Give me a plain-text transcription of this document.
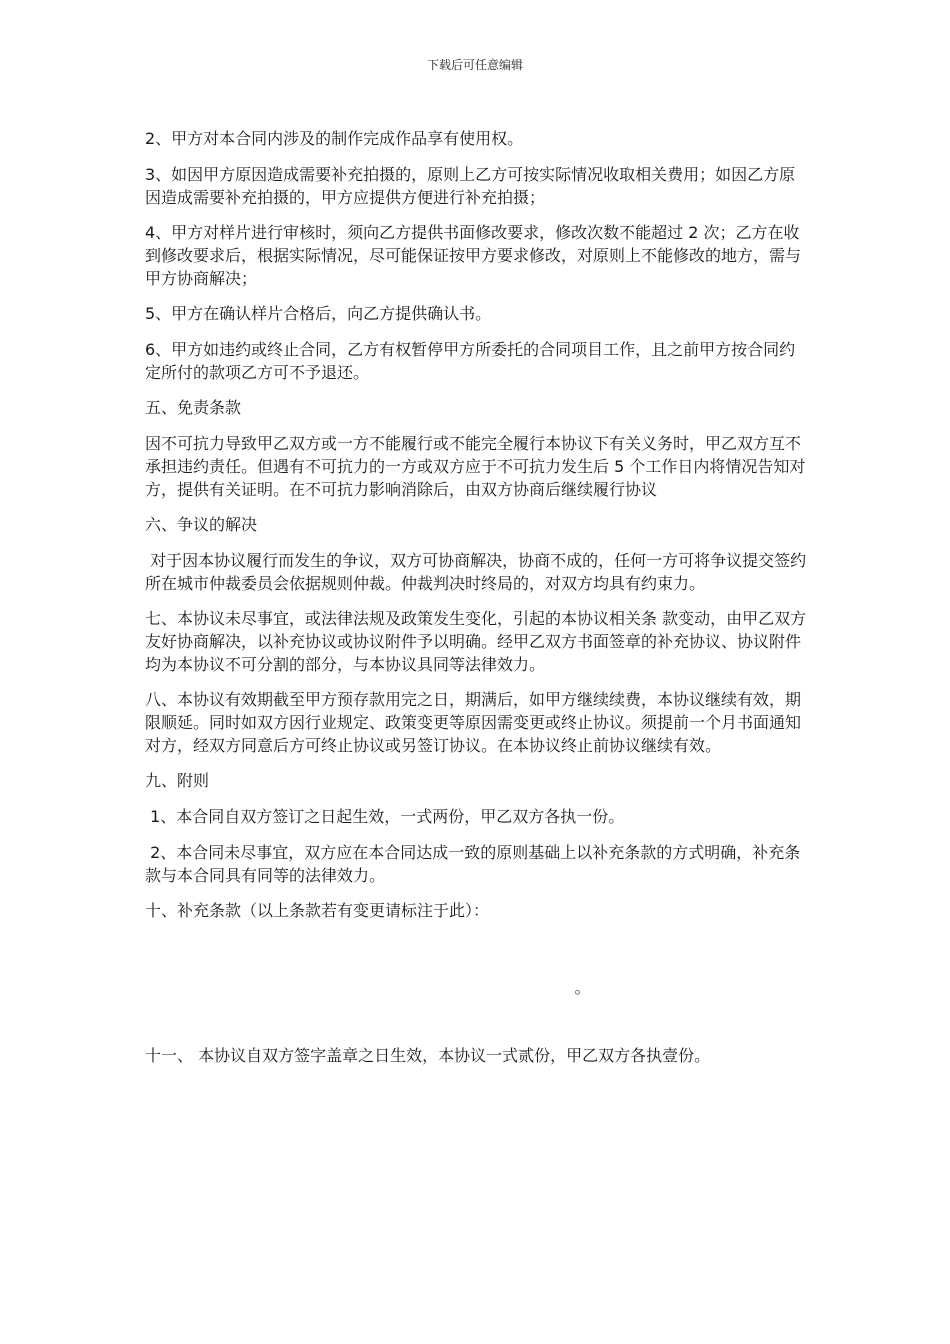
下载后可任意编辑

2、甲方对本合同内涉及的制作完成作品享有使用权。

3、如因甲方原因造成需要补充拍摄的，原则上乙方可按实际情况收取相关费用；如因乙方原因造成需要补充拍摄的，甲方应提供方便进行补充拍摄；

4、甲方对样片进行审核时，须向乙方提供书面修改要求，修改次数不能超过 2 次；乙方在收到修改要求后，根据实际情况，尽可能保证按甲方要求修改，对原则上不能修改的地方，需与甲方协商解决；

5、甲方在确认样片合格后，向乙方提供确认书。

6、甲方如违约或终止合同，乙方有权暂停甲方所委托的合同项目工作，且之前甲方按合同约定所付的款项乙方可不予退还。

五、免责条款

因不可抗力导致甲乙双方或一方不能履行或不能完全履行本协议下有关义务时，甲乙双方互不承担违约责任。但遇有不可抗力的一方或双方应于不可抗力发生后 5 个工作日内将情况告知对方，提供有关证明。在不可抗力影响消除后，由双方协商后继续履行协议

六、争议的解决

对于因本协议履行而发生的争议，双方可协商解决，协商不成的，任何一方可将争议提交签约所在城市仲裁委员会依据规则仲裁。仲裁判决时终局的，对双方均具有约束力。

七、本协议未尽事宜，或法律法规及政策发生变化，引起的本协议相关条 款变动，由甲乙双方友好协商解决，以补充协议或协议附件予以明确。经甲乙双方书面签章的补充协议、协议附件均为本协议不可分割的部分，与本协议具同等法律效力。

八、本协议有效期截至甲方预存款用完之日，期满后，如甲方继续续费，本协议继续有效，期限顺延。同时如双方因行业规定、政策变更等原因需变更或终止协议。须提前一个月书面通知对方，经双方同意后方可终止协议或另签订协议。在本协议终止前协议继续有效。

九、附则

1、本合同自双方签订之日起生效，一式两份，甲乙双方各执一份。

2、本合同未尽事宜，双方应在本合同达成一致的原则基础上以补充条款的方式明确，补充条款与本合同具有同等的法律效力。

十、补充条款（以上条款若有变更请标注于此）：

。

十一、 本协议自双方签字盖章之日生效，本协议一式贰份，甲乙双方各执壹份。
